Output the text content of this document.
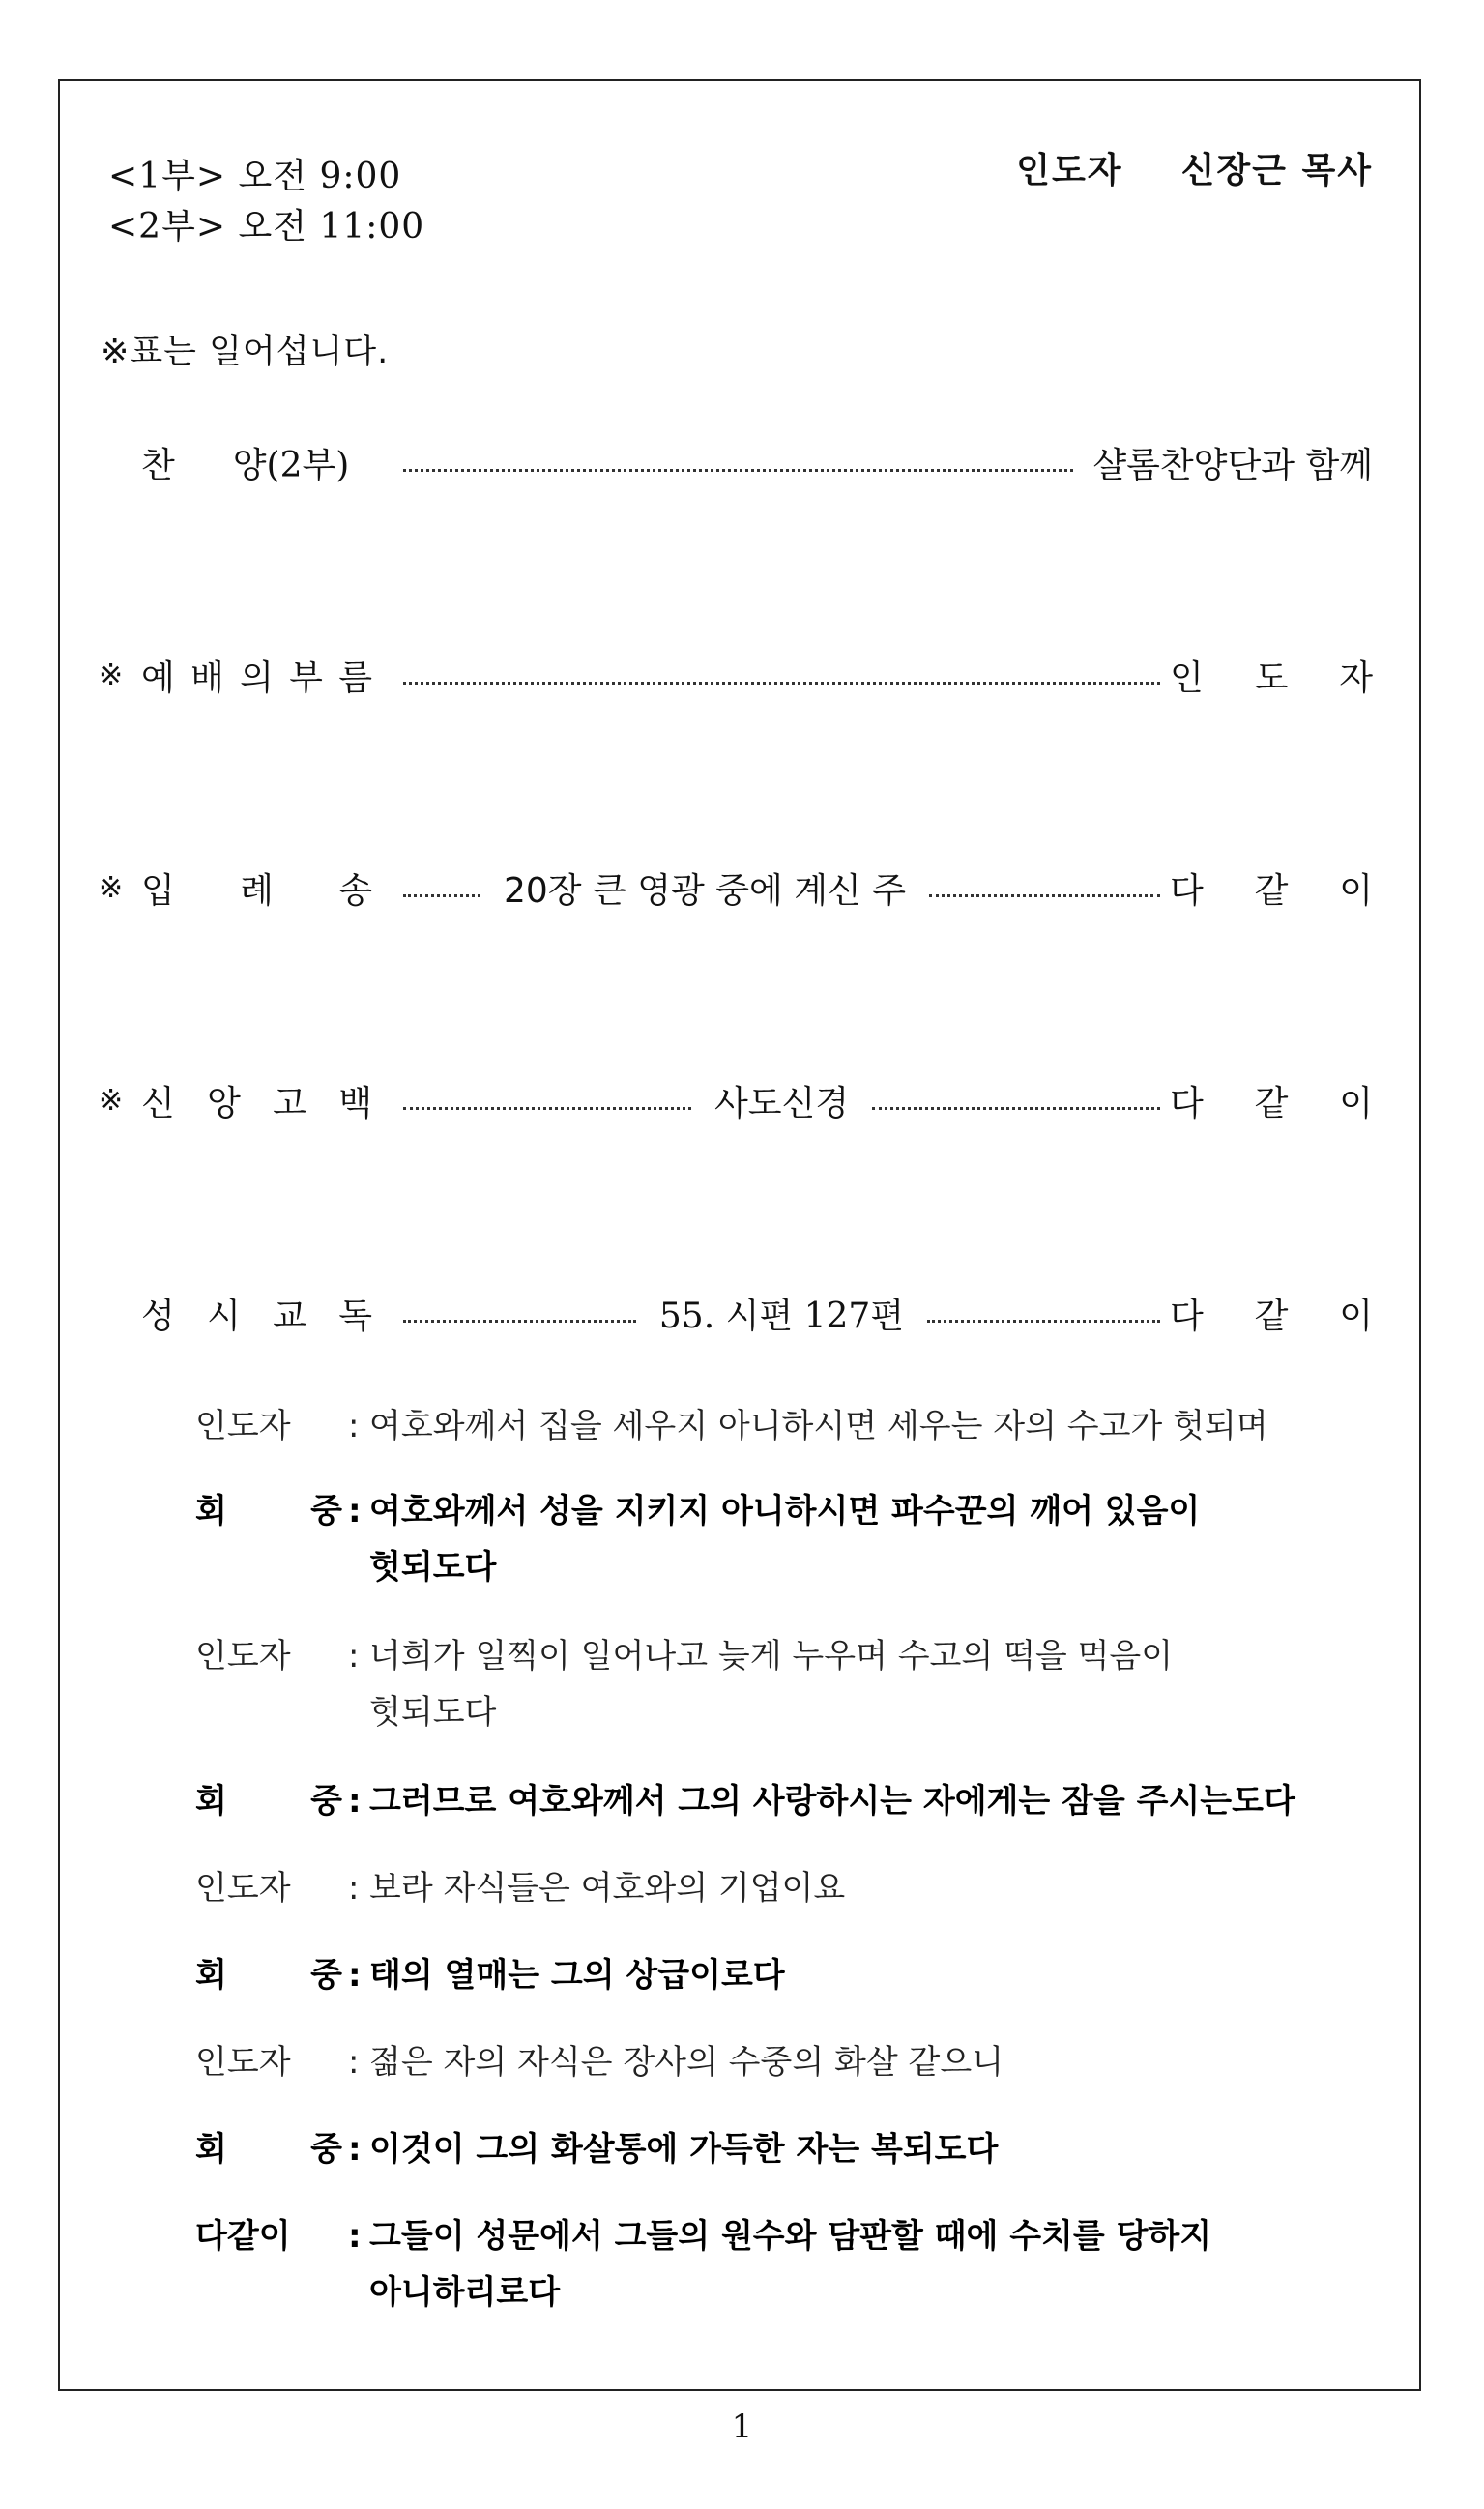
<1부> 오전 9:00
<2부> 오전 11:00
인도자 신장근 목사
※표는 일어섭니다.
찬 양(2부)	샬롬찬양단과 함께
※ 예 배 의 부 름	인 도 자
※ 입 례 송	20장 큰 영광 중에 계신 주	다 같 이
※ 신 앙 고 백	사도신경	다 같 이
성 시 교 독	55. 시편 127편	다 같 이
인도자 : 여호와께서 집을 세우지 아니하시면 세우는 자의 수고가 헛되며
회	중 : 여호와께서 성을 지키지 아니하시면 파수꾼의 깨어 있음이
헛되도다
인도자 : 너희가 일찍이 일어나고 늦게 누우며 수고의 떡을 먹음이
헛되도다
회	중 : 그러므로 여호와께서 그의 사랑하시는 자에게는 잠을 주시는도다
인도자 : 보라 자식들은 여호와의 기업이요
회	중 : 태의 열매는 그의 상급이로다
인도자 : 젊은 자의 자식은 장사의 수중의 화살 같으니
회	중 : 이것이 그의 화살통에 가득한 자는 복되도다
다같이 : 그들이 성문에서 그들의 원수와 담판할 때에 수치를 당하지
아니하리로다
1
